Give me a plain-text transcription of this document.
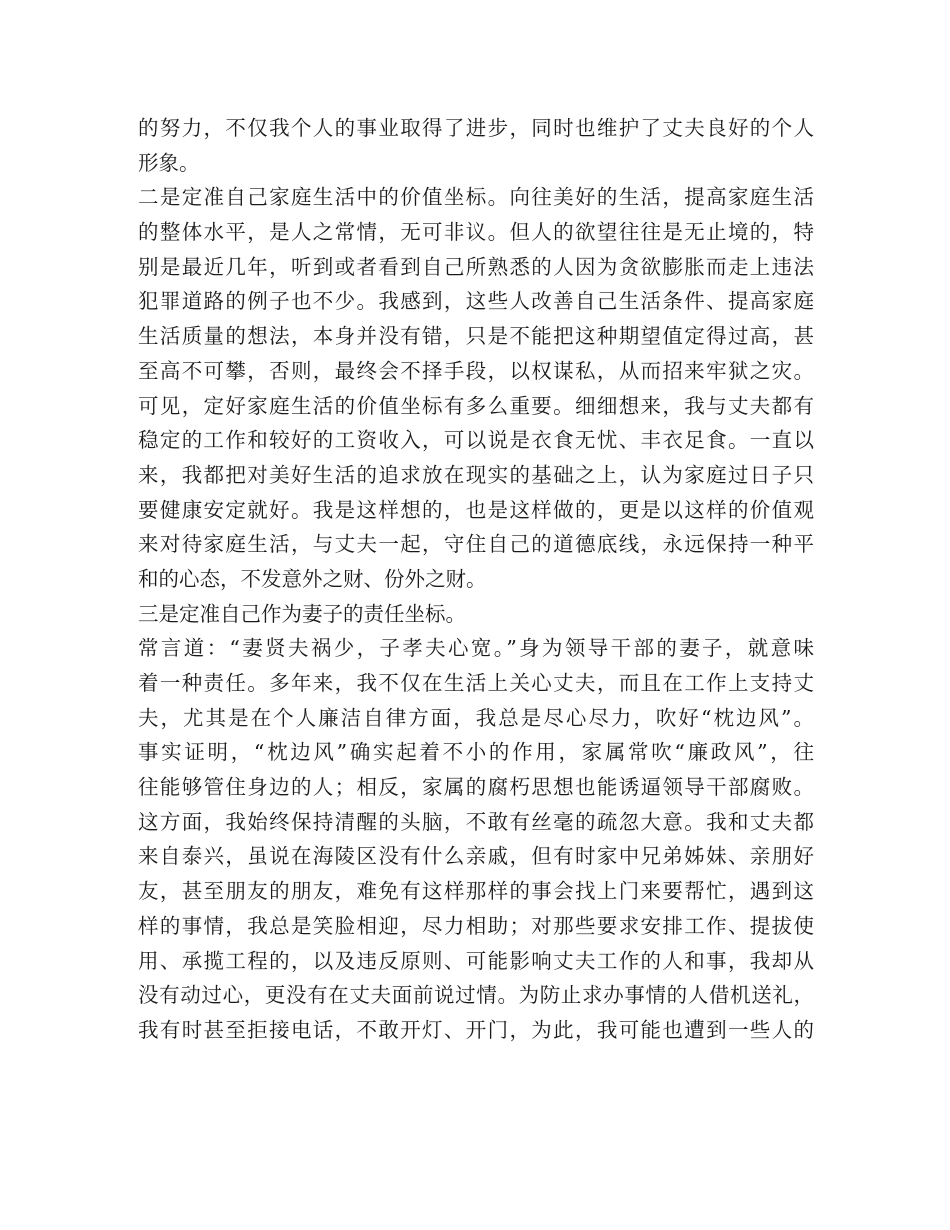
的努力，不仅我个人的事业取得了进步，同时也维护了丈夫良好的个人
形象。
二是定准自己家庭生活中的价值坐标。向往美好的生活，提高家庭生活
的整体水平，是人之常情，无可非议。但人的欲望往往是无止境的，特
别是最近几年，听到或者看到自己所熟悉的人因为贪欲膨胀而走上违法
犯罪道路的例子也不少。我感到，这些人改善自己生活条件、提高家庭
生活质量的想法，本身并没有错，只是不能把这种期望值定得过高，甚
至高不可攀，否则，最终会不择手段，以权谋私，从而招来牢狱之灾。
可见，定好家庭生活的价值坐标有多么重要。细细想来，我与丈夫都有
稳定的工作和较好的工资收入，可以说是衣食无忧、丰衣足食。一直以
来，我都把对美好生活的追求放在现实的基础之上，认为家庭过日子只
要健康安定就好。我是这样想的，也是这样做的，更是以这样的价值观
来对待家庭生活，与丈夫一起，守住自己的道德底线，永远保持一种平
和的心态，不发意外之财、份外之财。
三是定准自己作为妻子的责任坐标。
常言道：“妻贤夫祸少，子孝夫心宽。”身为领导干部的妻子，就意味
着一种责任。多年来，我不仅在生活上关心丈夫，而且在工作上支持丈
夫，尤其是在个人廉洁自律方面，我总是尽心尽力，吹好“枕边风”。
事实证明，“枕边风”确实起着不小的作用，家属常吹“廉政风”，往
往能够管住身边的人；相反，家属的腐朽思想也能诱逼领导干部腐败。
这方面，我始终保持清醒的头脑，不敢有丝毫的疏忽大意。我和丈夫都
来自泰兴，虽说在海陵区没有什么亲戚，但有时家中兄弟姊妹、亲朋好
友，甚至朋友的朋友，难免有这样那样的事会找上门来要帮忙，遇到这
样的事情，我总是笑脸相迎，尽力相助；对那些要求安排工作、提拔使
用、承揽工程的，以及违反原则、可能影响丈夫工作的人和事，我却从
没有动过心，更没有在丈夫面前说过情。为防止求办事情的人借机送礼，
我有时甚至拒接电话，不敢开灯、开门，为此，我可能也遭到一些人的
